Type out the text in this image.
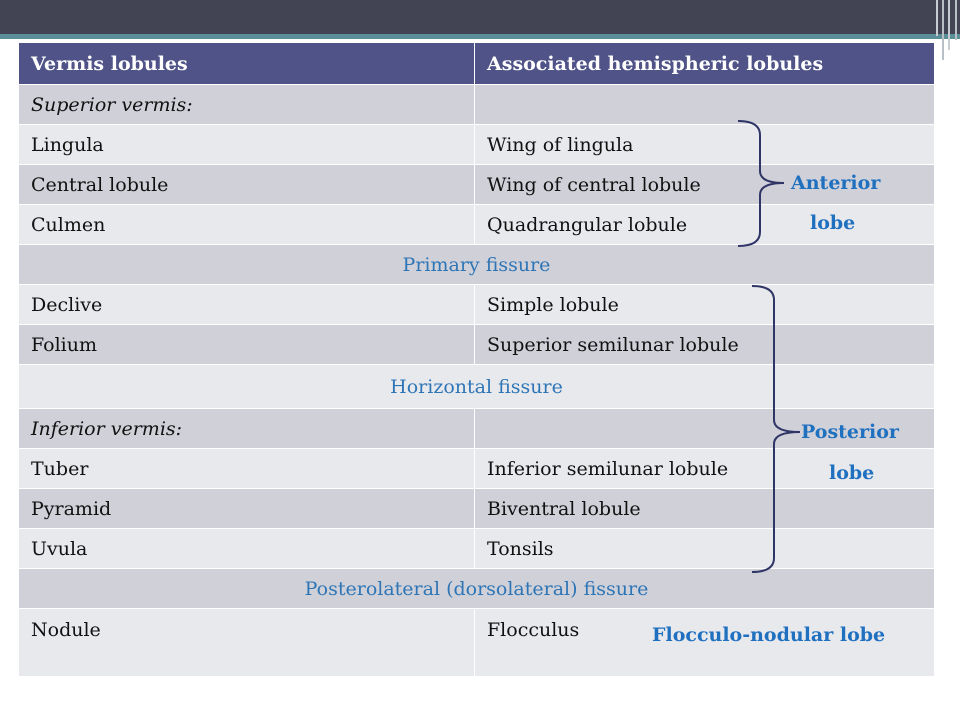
Vermis lobules	Associated hemispheric lobules
Superior vermis:	
Lingula	Wing of lingula
Central lobule	Wing of central lobule
Culmen	Quadrangular lobule
Primary fissure	
Declive	Simple lobule
Folium	Superior semilunar lobule
Horizontal fissure	
Inferior vermis:	
Tuber	Inferior semilunar lobule
Pyramid	Biventral lobule
Uvula	Tonsils
Posterolateral (dorsolateral) fissure	
Nodule	Flocculus
Anterior
lobe
Posterior
lobe
Flocculo-nodular lobe
